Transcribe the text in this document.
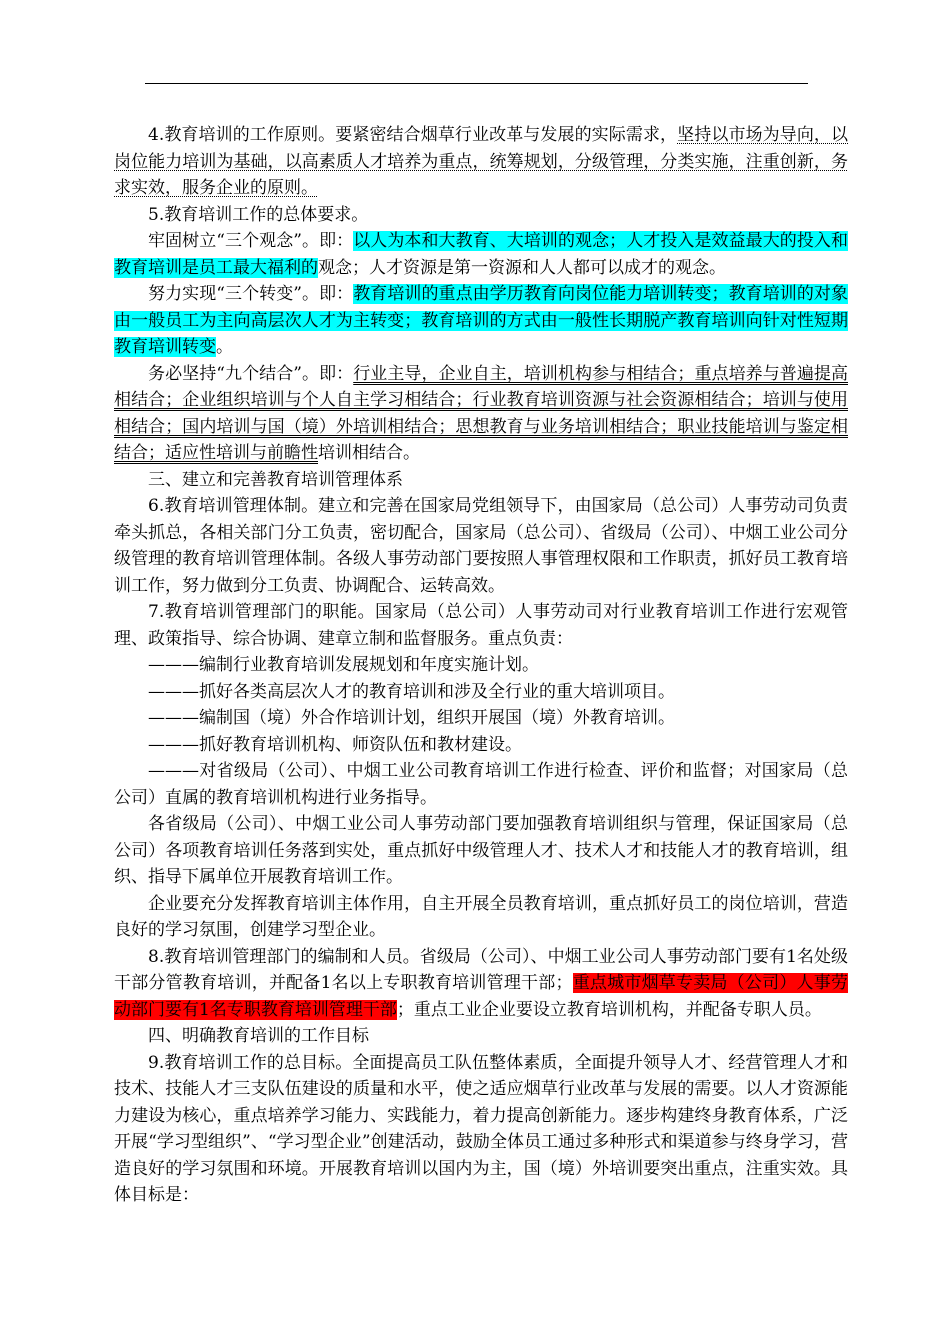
4.教育培训的工作原则。要紧密结合烟草行业改革与发展的实际需求，坚持以市场为导向，以岗位能力培训为基础，以高素质人才培养为重点，统筹规划，分级管理，分类实施，注重创新，务求实效，服务企业的原则。

5.教育培训工作的总体要求。

牢固树立“三个观念”。即：以人为本和大教育、大培训的观念；人才投入是效益最大的投入和教育培训是员工最大福利的观念；人才资源是第一资源和人人都可以成才的观念。

努力实现“三个转变”。即：教育培训的重点由学历教育向岗位能力培训转变；教育培训的对象由一般员工为主向高层次人才为主转变；教育培训的方式由一般性长期脱产教育培训向针对性短期教育培训转变。

务必坚持“九个结合”。即：行业主导，企业自主，培训机构参与相结合；重点培养与普遍提高相结合；企业组织培训与个人自主学习相结合；行业教育培训资源与社会资源相结合；培训与使用相结合；国内培训与国（境）外培训相结合；思想教育与业务培训相结合；职业技能培训与鉴定相结合；适应性培训与前瞻性培训相结合。

三、建立和完善教育培训管理体系

6.教育培训管理体制。建立和完善在国家局党组领导下，由国家局（总公司）人事劳动司负责牵头抓总，各相关部门分工负责，密切配合，国家局（总公司）、省级局（公司）、中烟工业公司分级管理的教育培训管理体制。各级人事劳动部门要按照人事管理权限和工作职责，抓好员工教育培训工作，努力做到分工负责、协调配合、运转高效。

7.教育培训管理部门的职能。国家局（总公司）人事劳动司对行业教育培训工作进行宏观管理、政策指导、综合协调、建章立制和监督服务。重点负责：

———编制行业教育培训发展规划和年度实施计划。

———抓好各类高层次人才的教育培训和涉及全行业的重大培训项目。

———编制国（境）外合作培训计划，组织开展国（境）外教育培训。

———抓好教育培训机构、师资队伍和教材建设。

———对省级局（公司）、中烟工业公司教育培训工作进行检查、评价和监督；对国家局（总公司）直属的教育培训机构进行业务指导。

各省级局（公司）、中烟工业公司人事劳动部门要加强教育培训组织与管理，保证国家局（总公司）各项教育培训任务落到实处，重点抓好中级管理人才、技术人才和技能人才的教育培训，组织、指导下属单位开展教育培训工作。

企业要充分发挥教育培训主体作用，自主开展全员教育培训，重点抓好员工的岗位培训，营造良好的学习氛围，创建学习型企业。

8.教育培训管理部门的编制和人员。省级局（公司）、中烟工业公司人事劳动部门要有1名处级干部分管教育培训，并配备1名以上专职教育培训管理干部；重点城市烟草专卖局（公司）人事劳动部门要有1名专职教育培训管理干部；重点工业企业要设立教育培训机构，并配备专职人员。

四、明确教育培训的工作目标

9.教育培训工作的总目标。全面提高员工队伍整体素质，全面提升领导人才、经营管理人才和技术、技能人才三支队伍建设的质量和水平，使之适应烟草行业改革与发展的需要。以人才资源能力建设为核心，重点培养学习能力、实践能力，着力提高创新能力。逐步构建终身教育体系，广泛开展“学习型组织”、“学习型企业”创建活动，鼓励全体员工通过多种形式和渠道参与终身学习，营造良好的学习氛围和环境。开展教育培训以国内为主，国（境）外培训要突出重点，注重实效。具体目标是：
